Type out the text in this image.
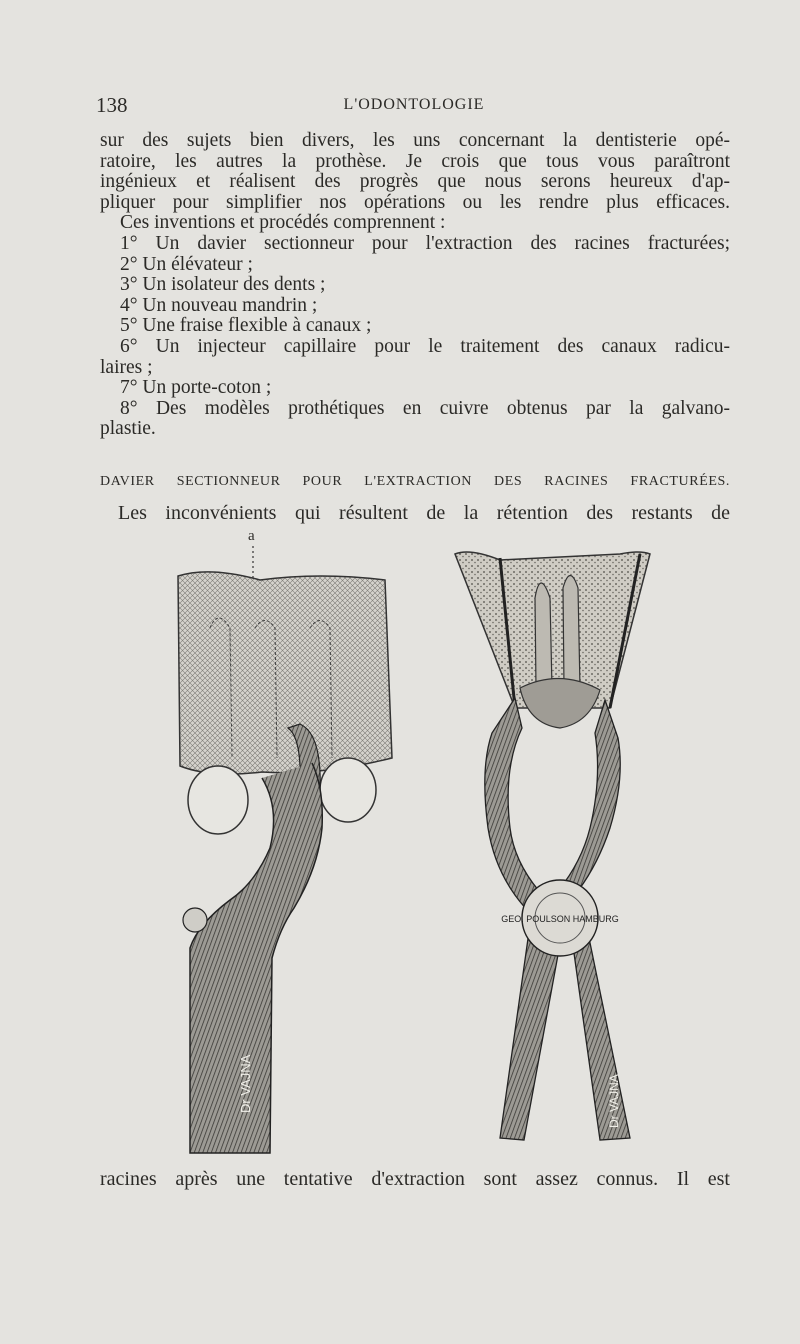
138	L'ODONTOLOGIE

sur des sujets bien divers, les uns concernant la dentisterie opé-

ratoire, les autres la prothèse. Je crois que tous vous paraîtront

ingénieux et réalisent des progrès que nous serons heureux d'ap-

pliquer pour simplifier nos opérations ou les rendre plus efficaces.

Ces inventions et procédés comprennent :

1° Un davier sectionneur pour l'extraction des racines fracturées;

2° Un élévateur ;

3° Un isolateur des dents ;

4° Un nouveau mandrin ;

5° Une fraise flexible à canaux ;

6° Un injecteur capillaire pour le traitement des canaux radicu-

laires ;

7° Un porte-coton ;

8° Des modèles prothétiques en cuivre obtenus par la galvano-

plastie.

DAVIER SECTIONNEUR POUR L'EXTRACTION DES RACINES FRACTURÉES.
Les inconvénients qui résultent de la rétention des restants de
a
Dr VAJNA
GEO. POULSON HAMBURG
Dr VAJNA
racines après une tentative d'extraction sont assez connus. Il est
